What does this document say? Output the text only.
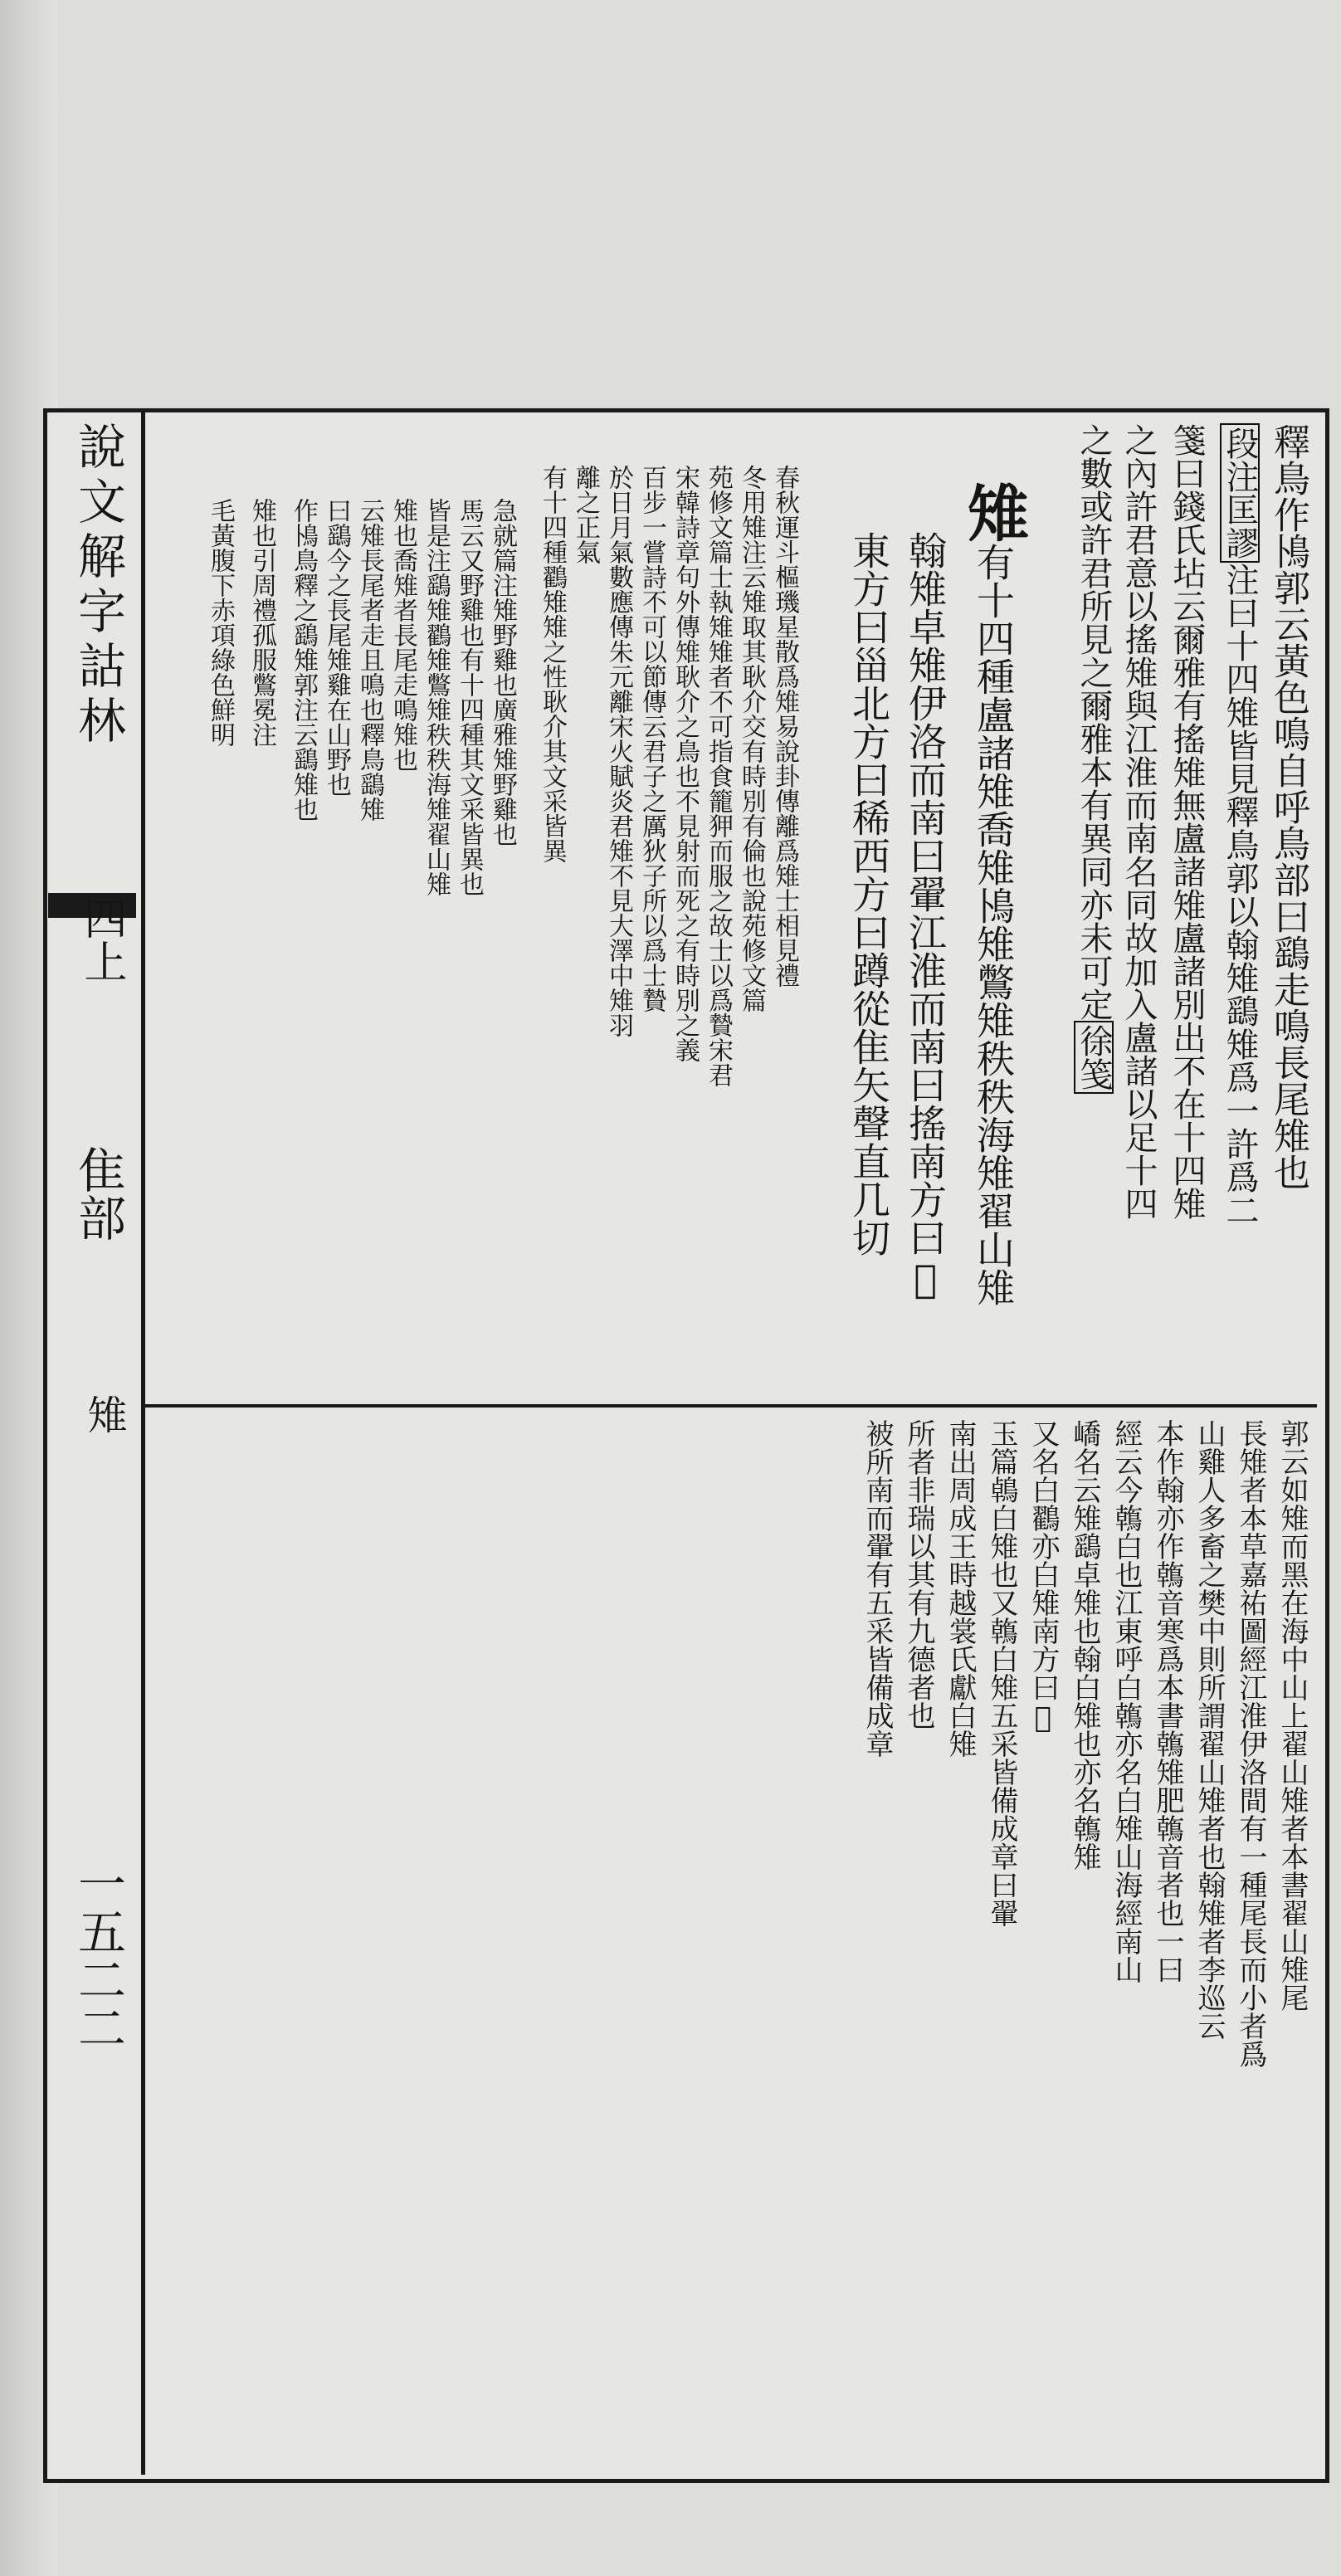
說文解字詁林
四上
隹部
雉
一五二二
釋鳥作鳪郭云黃色鳴自呼鳥部曰鷂走鳴長尾雉也
段注匡謬注曰十四雉皆見釋鳥郭以翰雉鷂雉爲一許爲二
箋曰錢氏坫云爾雅有搖雉無盧諸雉盧諸別出不在十四雉
之內許君意以搖雉與江淮而南名同故加入盧諸以足十四
之數或許君所見之爾雅本有異同亦未可定徐笺
雉有十四種盧諸雉喬雉鳪雉鷩雉秩秩海雉翟山雉
翰雉卓雉伊洛而南曰翬江淮而南曰搖南方曰𠡠
東方曰甾北方曰稀西方曰蹲從隹矢聲直几切
春秋運斗樞璣星散爲雉易說卦傳離爲雉士相見禮
冬用雉注云雉取其耿介交有時別有倫也說苑修文篇
苑修文篇士執雉雉者不可指食籠狎而服之故士以爲贄宋君
宋韓詩章句外傳雉耿介之鳥也不見射而死之有時別之義
百步一嘗詩不可以節傳云君子之厲狄子所以爲士贄
於日月氣數應傳朱元離宋火賦炎君雉不見大澤中雉羽
離之正氣
有十四種鸐雉雉之性耿介其文采皆異
急就篇注雉野雞也廣雅雉野雞也
馬云又野雞也有十四種其文采皆異也
皆是注鷂雉鸐雉鷩雉秩秩海雉翟山雉
雉也喬雉者長尾走鳴雉也
云雉長尾者走且鳴也釋鳥鷂雉
曰鷂今之長尾雉雞在山野也
作鳪鳥釋之鷂雉郭注云鷂雉也
雉也引周禮孤服鷩冕注
毛黃腹下赤項綠色鮮明
郭云如雉而黑在海中山上翟山雉者本書翟山雉尾
長雉者本草嘉祐圖經江淮伊洛間有一種尾長而小者爲
山雞人多畜之樊中則所謂翟山雉者也翰雉者李巡云
本作翰亦作鶾音寒爲本書鶾雉肥鶾音者也一曰
經云今鶾白也江東呼白鶾亦名白雉山海經南山
嶠名云雉鷂卓雉也翰白雉也亦名鶾雉
又名白鸐亦白雉南方曰𠡠
玉篇鵫白雉也又鶾白雉五采皆備成章曰翬
南出周成王時越裳氏獻白雉
所者非瑞以其有九德者也
被所南而翬有五采皆備成章
